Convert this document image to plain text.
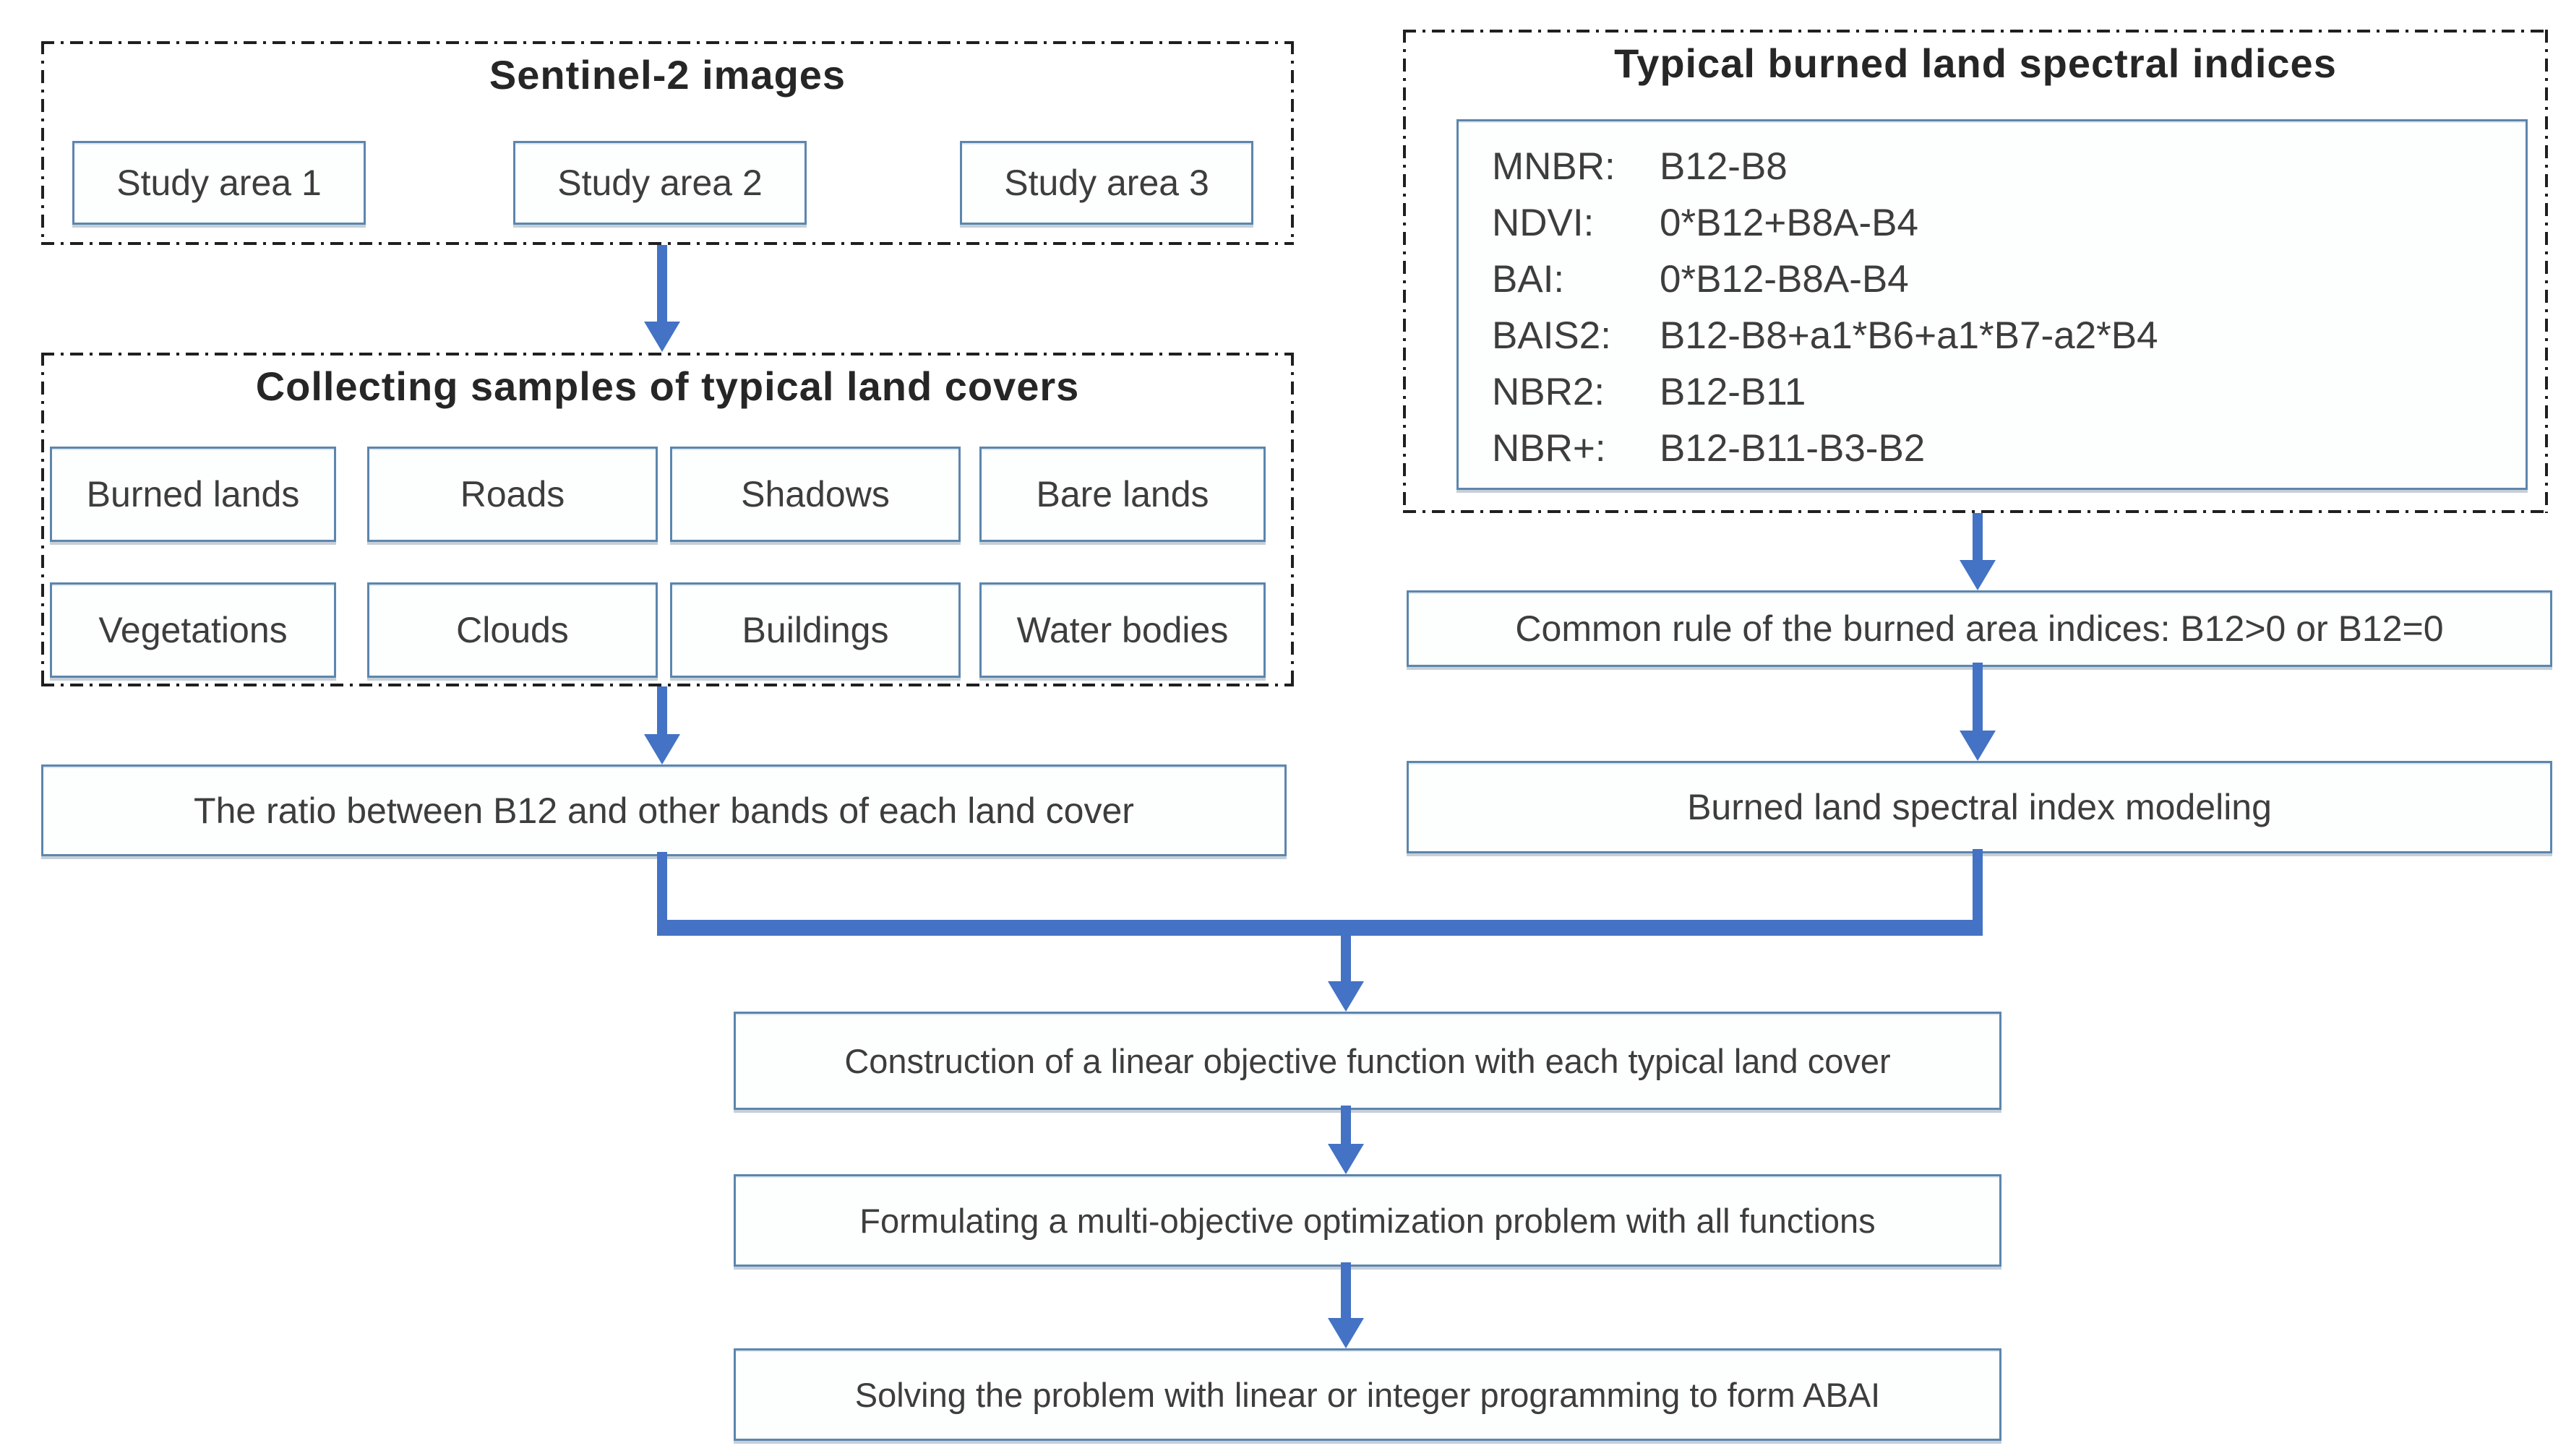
Sentinel-2 images
Study area 1	Study area 2	Study area 3
Collecting samples of typical land covers
Burned lands	Roads	Shadows	Bare lands
Vegetations	Clouds	Buildings	Water bodies
The ratio between B12 and other bands of each land cover
Typical burned land spectral indices
MNBR:	B12-B8
NDVI:	0*B12+B8A-B4
BAI:	0*B12-B8A-B4
BAIS2:	B12-B8+a1*B6+a1*B7-a2*B4
NBR2:	B12-B11
NBR+:	B12-B11-B3-B2
Common rule of the burned area indices: B12>0 or B12=0
Burned land spectral index modeling
Construction of a linear objective function with each typical land cover
Formulating a multi-objective optimization problem with all functions
Solving the problem with linear or integer programming to form ABAI
